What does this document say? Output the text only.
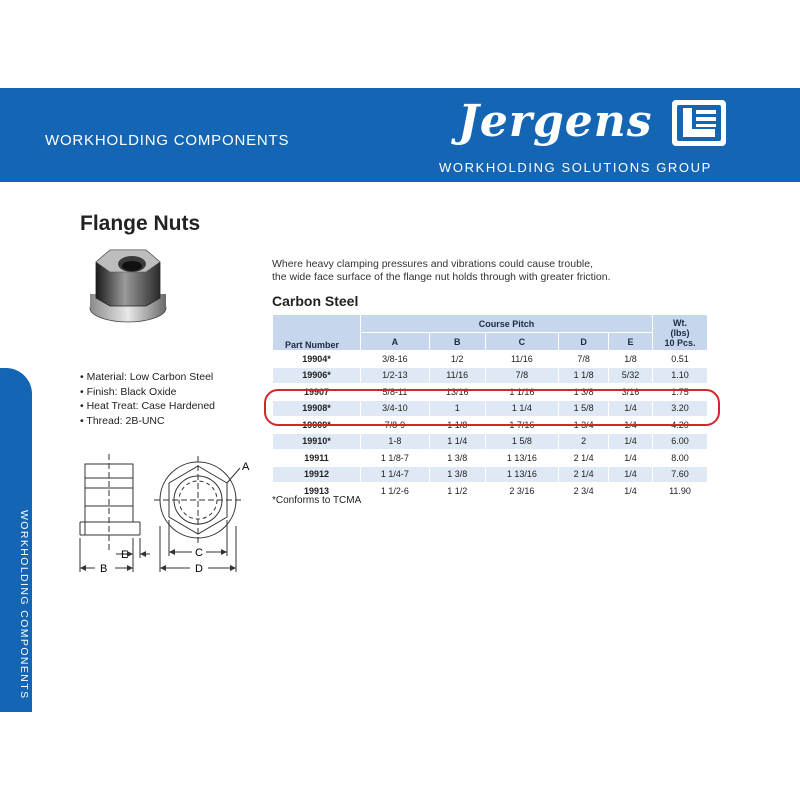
WORKHOLDING COMPONENTS	Jergens
WORKHOLDING SOLUTIONS GROUP
WORKHOLDING COMPONENTS
Flange Nuts
• Material: Low Carbon Steel
• Finish: Black Oxide
• Heat Treat: Case Hardened
• Thread: 2B-UNC
B
E	C
D
A
Where heavy clamping pressures and vibrations could cause trouble,
the wide face surface of the flange nut holds through with greater friction.
Carbon Steel
Part Number	Course Pitch					Wt.
(lbs)
10 Pcs.

	A	B	C	D	E	
19904*	3/8-16	1/2	11/16	7/8	1/8	0.51
19906*	1/2-13	11/16	7/8	1 1/8	5/32	1.10
19907	5/8-11	13/16	1 1/16	1 3/8	3/16	1.75
19908*	3/4-10	1	1 1/4	1 5/8	1/4	3.20
19909*	7/8-9	1 1/8	1 7/16	1 3/4	1/4	4.20
19910*	1-8	1 1/4	1 5/8	2	1/4	6.00
19911	1 1/8-7	1 3/8	1 13/16	2 1/4	1/4	8.00
19912	1 1/4-7	1 3/8	1 13/16	2 1/4	1/4	7.60
19913	1 1/2-6	1 1/2	2 3/16	2 3/4	1/4	11.90
*Conforms to TCMA
